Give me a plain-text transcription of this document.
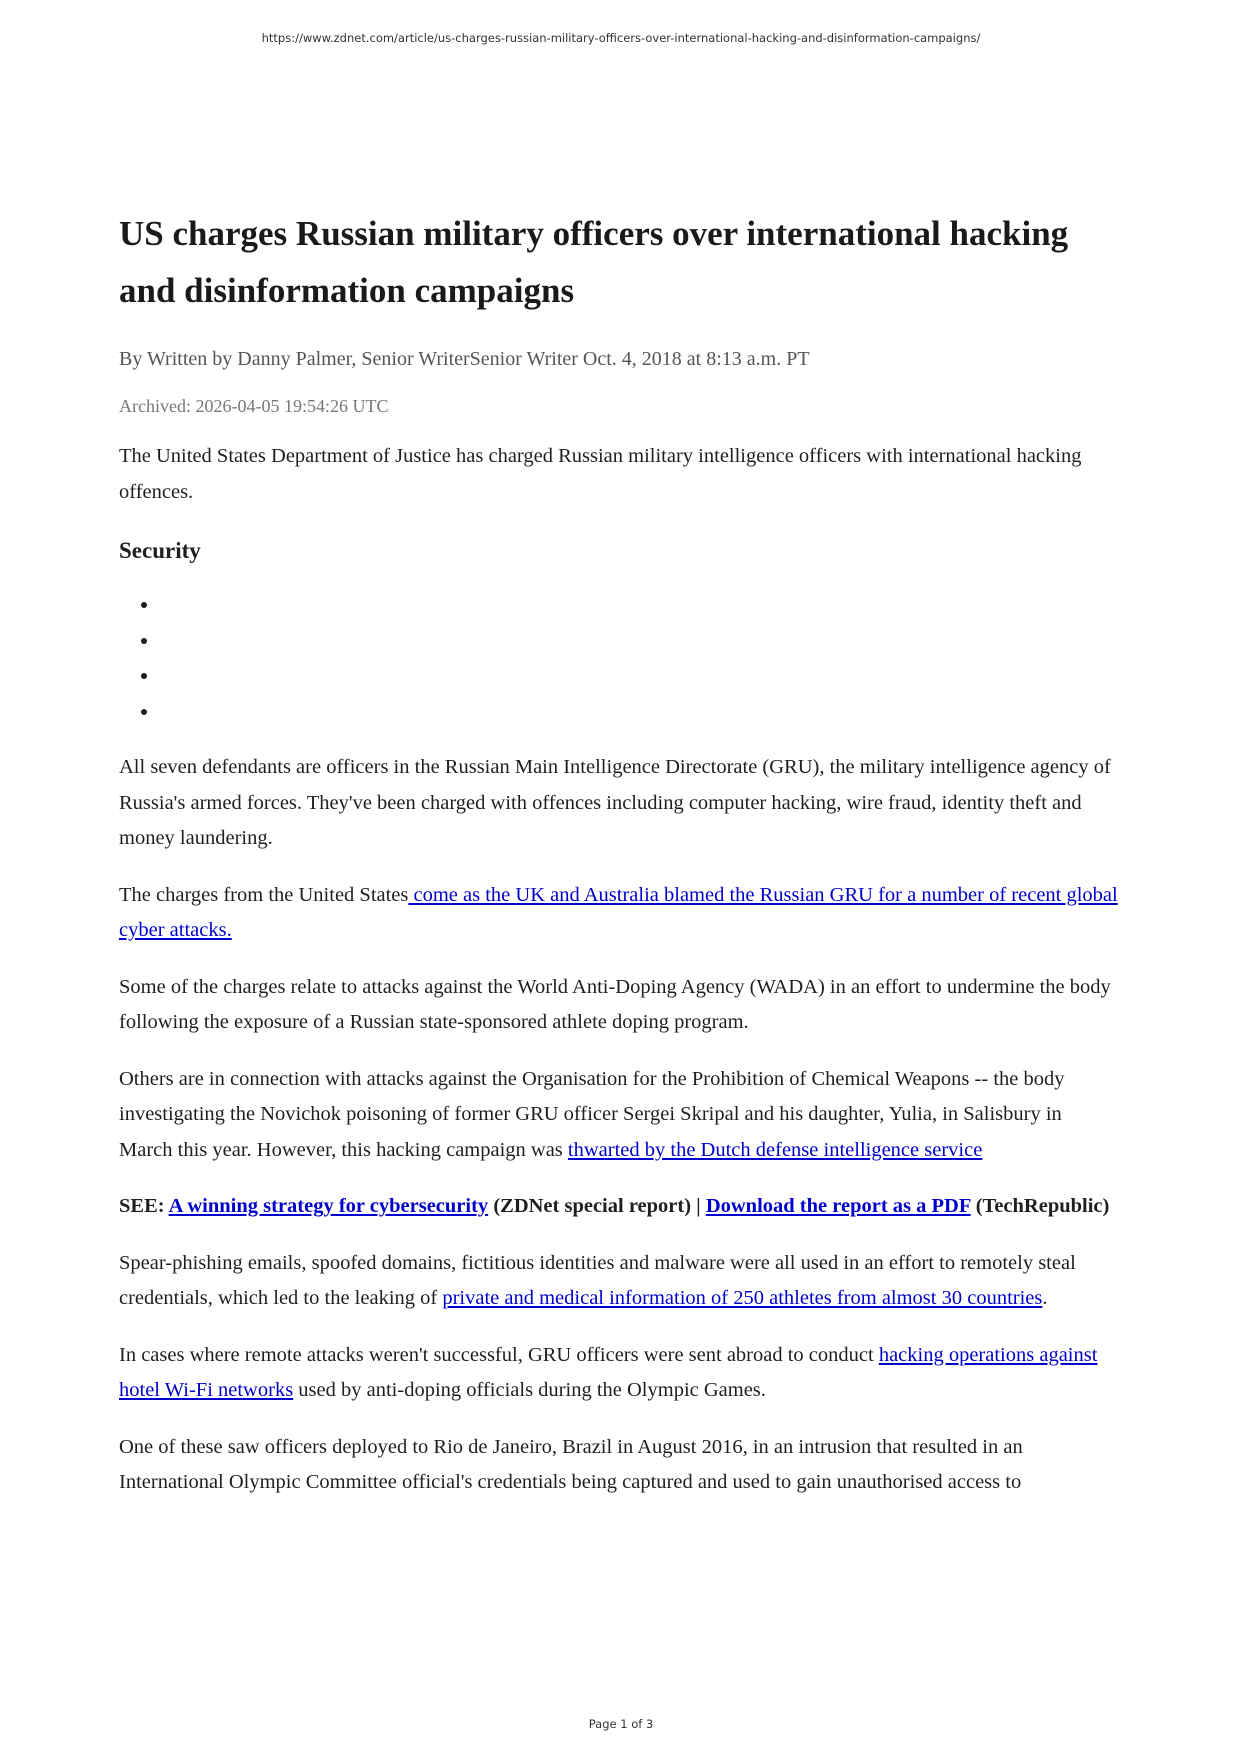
https://www.zdnet.com/article/us-charges-russian-military-officers-over-international-hacking-and-disinformation-campaigns/
US charges Russian military officers over international hacking and disinformation campaigns
By Written by Danny Palmer, Senior WriterSenior Writer Oct. 4, 2018 at 8:13 a.m. PT
Archived: 2026-04-05 19:54:26 UTC

The United States Department of Justice has charged Russian military intelligence officers with international hacking offences.

Security
•
•
•
•

All seven defendants are officers in the Russian Main Intelligence Directorate (GRU), the military intelligence agency of Russia's armed forces. They've been charged with offences including computer hacking, wire fraud, identity theft and money laundering.

The charges from the United States come as the UK and Australia blamed the Russian GRU for a number of recent global cyber attacks.

Some of the charges relate to attacks against the World Anti-Doping Agency (WADA) in an effort to undermine the body following the exposure of a Russian state-sponsored athlete doping program.

Others are in connection with attacks against the Organisation for the Prohibition of Chemical Weapons -- the body investigating the Novichok poisoning of former GRU officer Sergei Skripal and his daughter, Yulia, in Salisbury in March this year. However, this hacking campaign was thwarted by the Dutch defense intelligence service

SEE: A winning strategy for cybersecurity (ZDNet special report) | Download the report as a PDF (TechRepublic)

Spear-phishing emails, spoofed domains, fictitious identities and malware were all used in an effort to remotely steal credentials, which led to the leaking of private and medical information of 250 athletes from almost 30 countries.

In cases where remote attacks weren't successful, GRU officers were sent abroad to conduct hacking operations against hotel Wi-Fi networks used by anti-doping officials during the Olympic Games.

One of these saw officers deployed to Rio de Janeiro, Brazil in August 2016, in an intrusion that resulted in an International Olympic Committee official's credentials being captured and used to gain unauthorised access to

Page 1 of 3
